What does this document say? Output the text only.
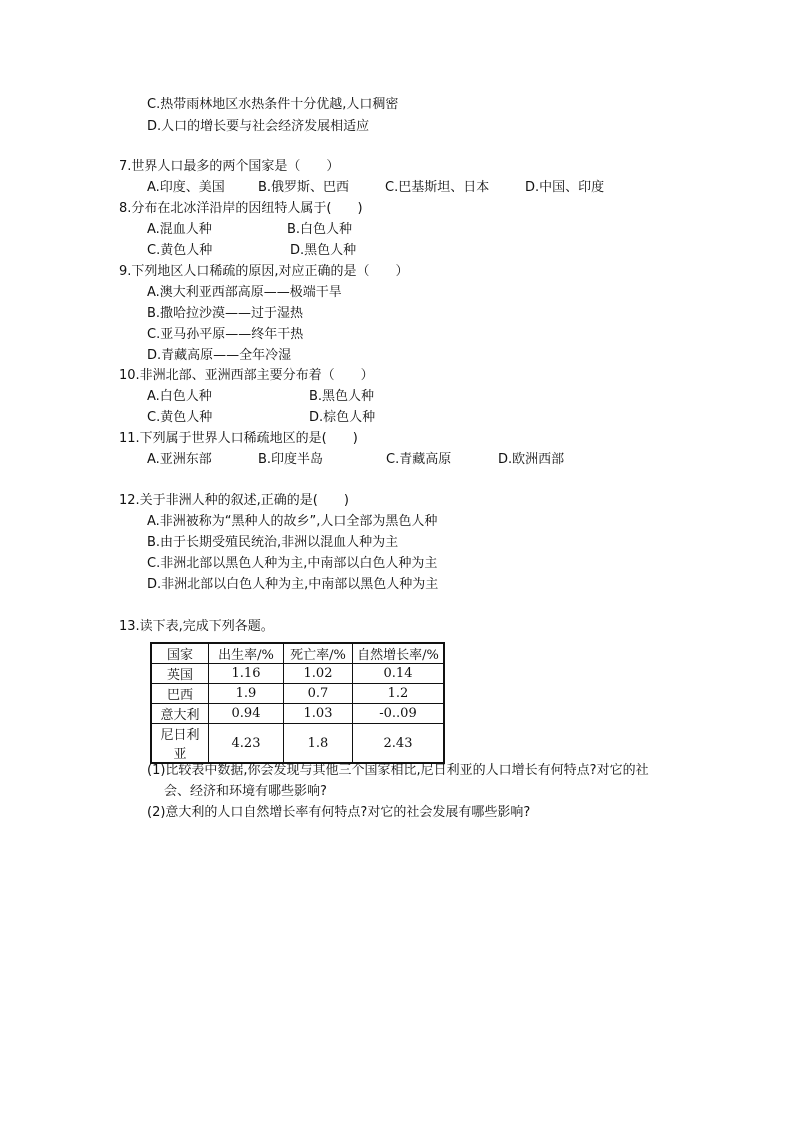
C.热带雨林地区水热条件十分优越,人口稠密
D.人口的增长要与社会经济发展相适应
7.世界人口最多的两个国家是（　　）
A.印度、美国	B.俄罗斯、巴西	C.巴基斯坦、日本	D.中国、印度
8.分布在北冰洋沿岸的因纽特人属于(　　)
A.混血人种	B.白色人种
C.黄色人种	D.黑色人种
9.下列地区人口稀疏的原因,对应正确的是（　　）
A.澳大利亚西部高原——极端干旱
B.撒哈拉沙漠——过于湿热
C.亚马孙平原——终年干热
D.青藏高原——全年冷湿
10.非洲北部、亚洲西部主要分布着（　　）
A.白色人种	B.黑色人种
C.黄色人种	D.棕色人种
11.下列属于世界人口稀疏地区的是(　　)
A.亚洲东部	B.印度半岛	C.青藏高原	D.欧洲西部
12.关于非洲人种的叙述,正确的是(　　)
A.非洲被称为“黑种人的故乡”,人口全部为黑色人种
B.由于长期受殖民统治,非洲以混血人种为主
C.非洲北部以黑色人种为主,中南部以白色人种为主
D.非洲北部以白色人种为主,中南部以黑色人种为主
13.读下表,完成下列各题。
国家	出生率/%	死亡率/%	自然增长率/%
英国	1.16	1.02	0.14
巴西	1.9	0.7	1.2
意大利	0.94	1.03	-0..09
尼日利亚	4.23	1.8	2.43
(1)比较表中数据,你会发现与其他三个国家相比,尼日利亚的人口增长有何特点?对它的社
会、经济和环境有哪些影响?
(2)意大利的人口自然增长率有何特点?对它的社会发展有哪些影响?
